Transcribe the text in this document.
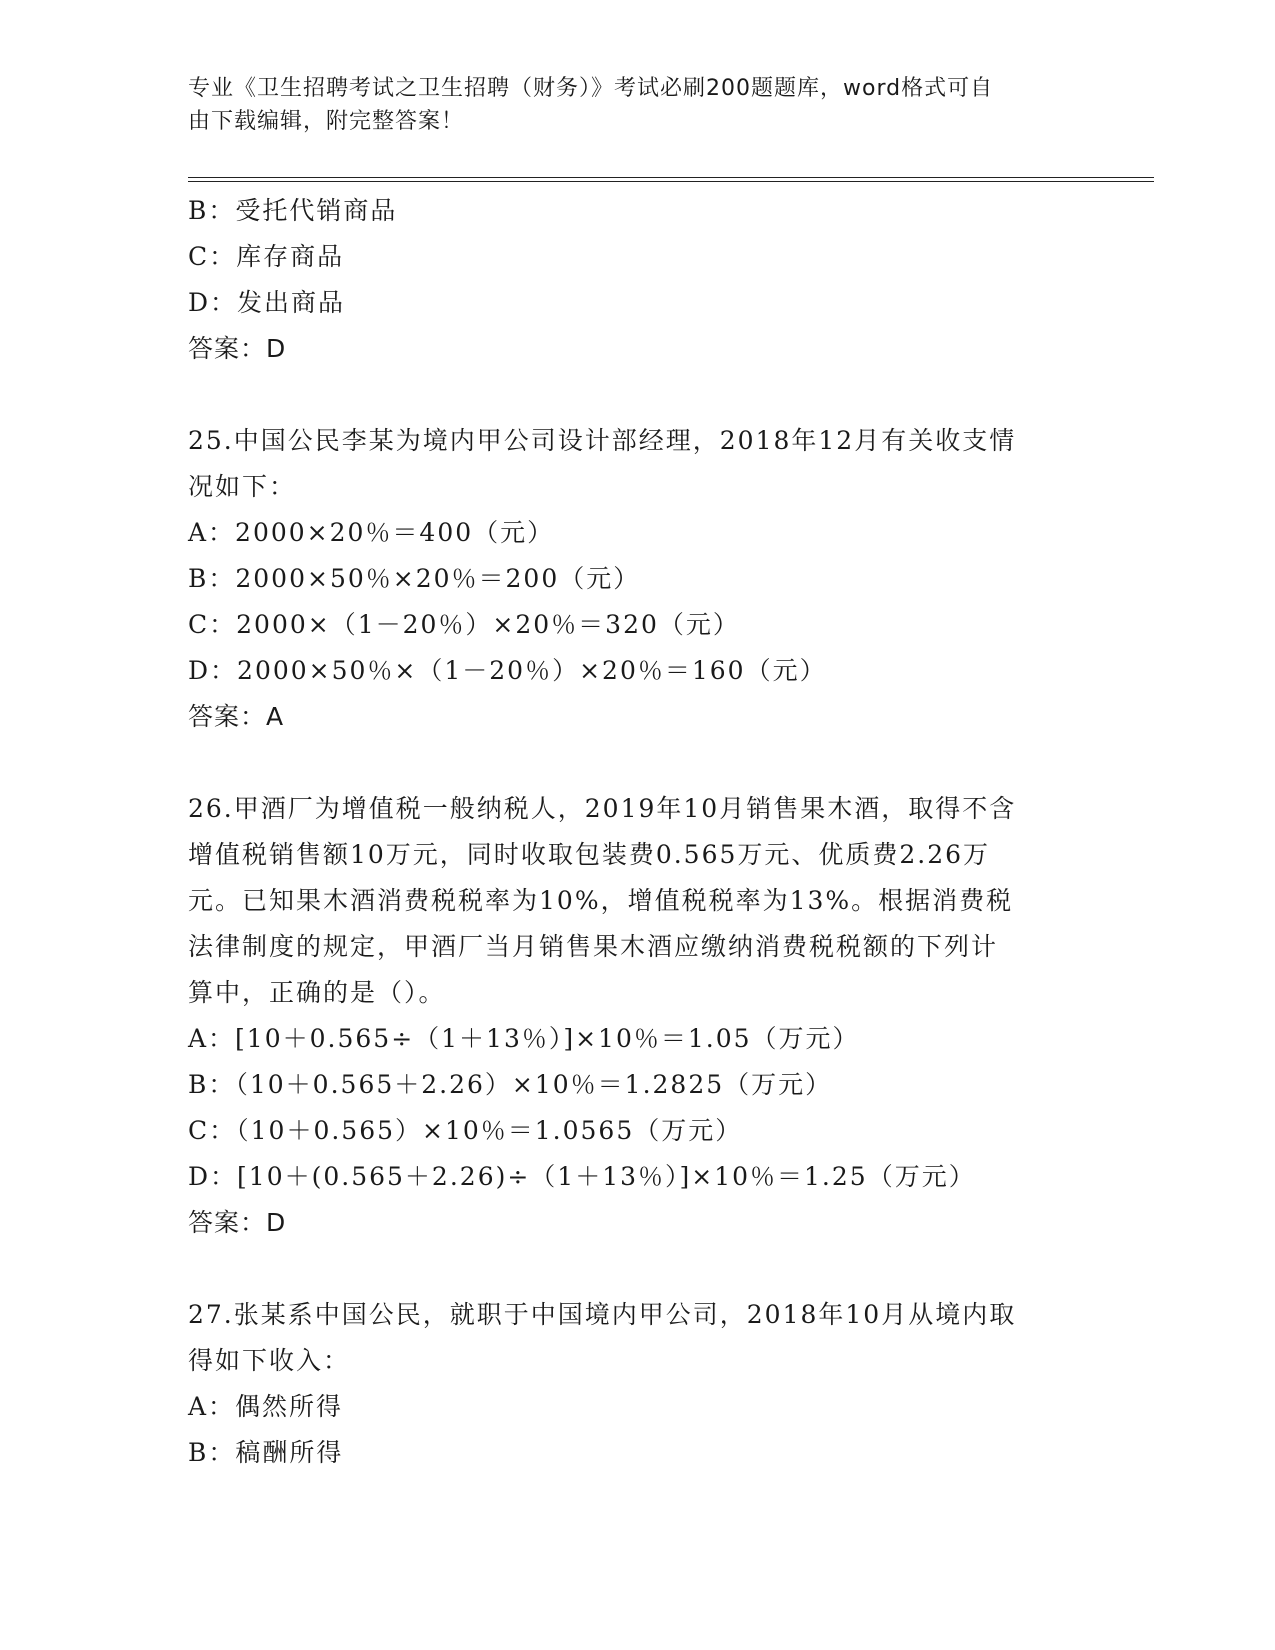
专业《卫生招聘考试之卫生招聘（财务）》考试必刷200题题库，word格式可自
由下载编辑，附完整答案！
B：受托代销商品
C：库存商品
D：发出商品
答案：D
25.中国公民李某为境内甲公司设计部经理，2018年12月有关收支情
况如下：
A：2000×20％＝400（元）
B：2000×50％×20％＝200（元）
C：2000×（1－20％）×20％＝320（元）
D：2000×50％×（1－20％）×20％＝160（元）
答案：A
26.甲酒厂为增值税一般纳税人，2019年10月销售果木酒，取得不含
增值税销售额10万元，同时收取包装费0.565万元、优质费2.26万
元。已知果木酒消费税税率为10%，增值税税率为13%。根据消费税
法律制度的规定，甲酒厂当月销售果木酒应缴纳消费税税额的下列计
算中，正确的是（）。
A：[10＋0.565÷（1＋13％）]×10％＝1.05（万元）
B：（10＋0.565＋2.26）×10％＝1.2825（万元）
C：（10＋0.565）×10％＝1.0565（万元）
D：[10＋(0.565＋2.26)÷（1＋13％）]×10％＝1.25（万元）
答案：D
27.张某系中国公民，就职于中国境内甲公司，2018年10月从境内取
得如下收入：
A：偶然所得
B：稿酬所得
